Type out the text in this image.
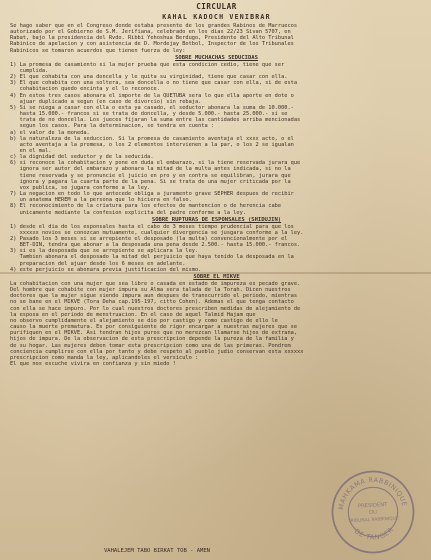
CIRCULAR

KAHAL KADOCH VENIBRAR

Se hago saber que en el Congreso donde estaba presente de los grandes Rabinos de Marruecos

autorizado por el Gobierno de S.M. Jerifiana, celebrado en los dias 22/23 Sivan 5707, en

Rabat, bajo la presidencia del Rvdo. Ribbi Yehoshua Berdugo, Presidente del Alto Tribunal

Rabinico de apelacion y con asistencia de D. Mordejay Botbol, Inspector de los Tribunales

Rabinicos se tomaron acuerdos que tienen fuerza de ley:

SOBRE MUCHACHAS SEDUCIDAS

1) La promesa de casamiento si la mujer prueba que esta condicion cedio, tiene que ser

cumplida.

2) El que cohabita con una doncella y le quita su virginidad, tiene que casar con ella.

3) El que cohabita con una soltera, sea doncella o no tiene que casar con ella, si de esta

cohabitacion quedo encinta y el lo reconoce.

4) En estos tres casos abonara el importe de la QUETUBA sera lo que ella aporte en dote o

ajuar duplicado a segun (en caso de divorcio) sin rebaja.

5) Si se niega a casar con ella o esta ya casado, el seductor abonara la suma de 10.000.-

hasta 15.000.- francos si se trata de doncella, y desde 5.000.- hasta 25.000.- si se

trata de no doncella. Los jueces fijaran la suma entre las cantidades arriba mencionadas

segun los casos. Para la determinacion, se tendra en cuenta :

a) el valor de la moneda.

b) la naturaleza de la seduccion. Si la promesa de casamiento aventaja el xxxx acto, o el

acto aventaja a la promesa, o los 2 elementos intervienen a la par, o los 2 se igualan

en el mal.

c) la dignidad del seductor y de la seducida.

6) si reconoce la cohabitacion y pone en duda el embarazo, si la tiene reservada jurara que

ignora ser autor del embarazo y abonara la mitad de la multa antes indicada, si no la

tiene reservada y se pronuncie el juicio en pro y en contra se equilibran, jurara que

ignora y pagara la cuarta parte de la pena. Si se trata de una mujer criticada por la

vox publica, se jugara conforme a la ley.

7) La negacion en todo lo que antecede obliga a juramento grave SEPHER despues de recibir

un anatema HEREM a la persona que lo hiciera en falso.

8) El reconocimiento de la criatura para los efectos de mantencion o de herencia cabe

unicamente mediante la confesion explicita del padre conforme a la ley.

SOBRE RUPTURAS DE ESPONSALES (SHIDUJIN)

1) desde el dia de los esponsales hasta el cabo de 3 meses tiempo prudencial para que los

xxxxxx novios se conozcan mutuamente, cualquier divergencia se jusgara conforme a la ley.

2) Pasado los 3 meses si se arrepiente el desposado (la multa) convencionalmente por el

BET-DIN, tendra que abonar a la desposada una pena desde 2.500.- hasta 15.000.- francos.

3) si es la desposada que se arrepiente se aplicara la ley.

Tambien abonara el desposado la mitad del perjuicio que haya tenido la desposada en la

preparacion del ajuar desde los 6 meses en adelante.

4) este perjuicio se abonara previa justificacion del mismo.

SOBRE EL MIKVE

La cohabitacion con una mujer que sea libre o casada en estado de impureza es pecado grave.

Del hombre que cohabite con mujer impura su Alma sera talada de la Torah. Dicen nuestros

doctores que la mujer sigue siendo impura aun despues de transcurrido el periodo, mientras

no se bane en el MIKVE (Tora Deha cap.195-197, citto Cohen). Ademas el que tenga contacto

con ella se hace impuro. Por lo cual nuestros doctores prescriben medidas de alejamiento de

la esposa en el periodo de menstruacion. En el caso de aquel Talmid Hajam que

no observo cumplidamente el alejamiento se dio por castigo y como castigo de ello le

causo la muerte prematura. Es por consiguiente de rigor encargar a nuestras mujeres que se

purifiquen en el MIKVE. Asi tendran hijos puros que no merezcan llamarse hijos de extrana,

hijos de impura. De la observacion de esta prescripcion depende la pureza de la familia y

de su hogar. Las mujeres deben tomar esta prescripcion como una de las primeras. Pondrem

conciencia cumplirse con ella por tanto y debe respeto al pueblo judio conservan esta xxxxxx

prescripcion como manda la ley, aplicandoles el versiculo :

El que nos escuche vivira en confianza y sin miedo !

VAHALEJEM TABO BIRKAT TOB - AMEN
MAHKAMA RABBINIQUE
DE TANGER
PRESIDENT
DU
TRIBUNAL RABBINIQUE
